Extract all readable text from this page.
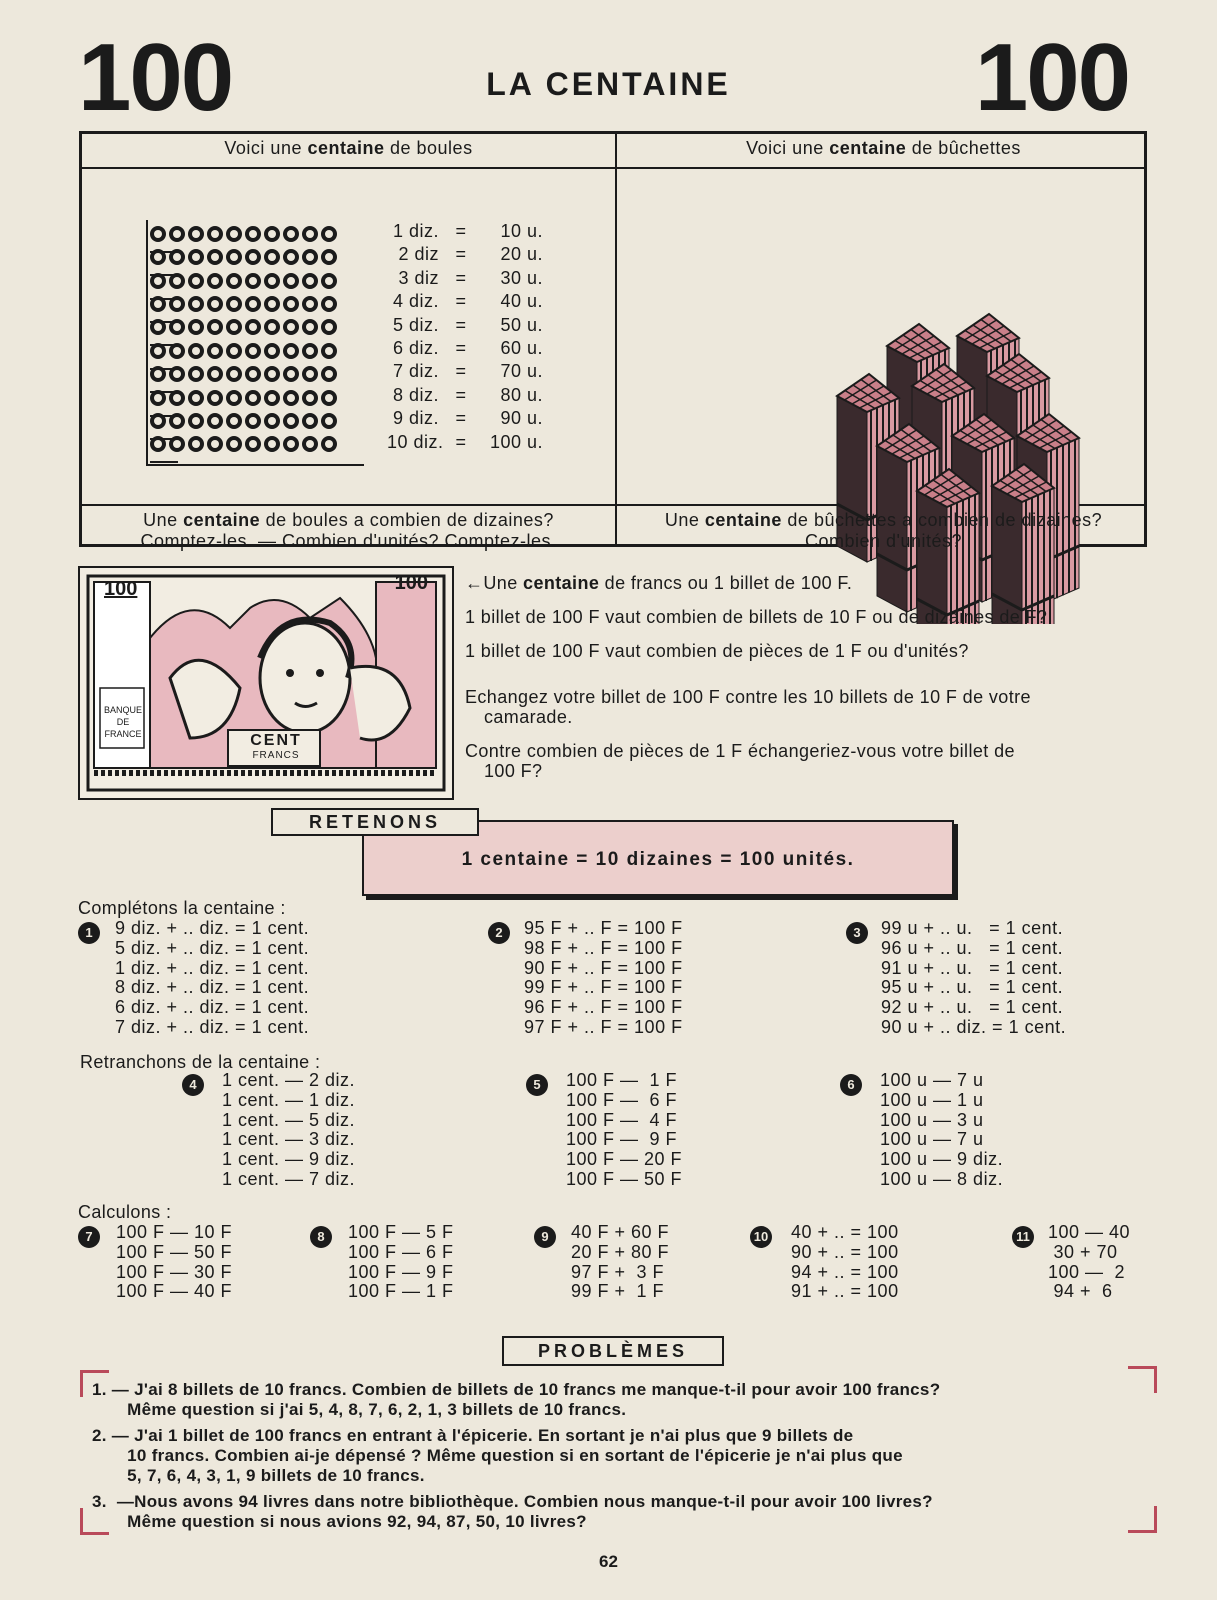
100	LA CENTAINE	100
Voici une centaine de boules	Voici une centaine de bûchettes
1 diz. = 10 u.
2 diz = 20 u.
3 diz = 30 u.
4 diz. = 40 u.
5 diz. = 50 u.
6 diz. = 60 u.
7 diz. = 70 u.
8 diz. = 80 u.
9 diz. = 90 u.
10 diz. = 100 u.
Une centaine de boules a combien de dizaines?
Comptez-les. — Combien d'unités? Comptez-les.
Une centaine de bûchettes a combien de dizaines?
Combien d'unités?
100	100
BANQUE
DE
FRANCE	CENT
FRANCS
←Une centaine de francs ou 1 billet de 100 F.
1 billet de 100 F vaut combien de billets de 10 F ou de dizaines de F?
1 billet de 100 F vaut combien de pièces de 1 F ou d'unités?
Echangez votre billet de 100 F contre les 10 billets de 10 F de votre
camarade.
Contre combien de pièces de 1 F échangeriez-vous votre billet de
100 F?
RETENONS
1 centaine = 10 dizaines = 100 unités.
Complétons la centaine :
Retranchons de la centaine :
Calculons :
1	9 diz. + .. diz. = 1 cent.
5 diz. + .. diz. = 1 cent.
1 diz. + .. diz. = 1 cent.
8 diz. + .. diz. = 1 cent.
6 diz. + .. diz. = 1 cent.
7 diz. + .. diz. = 1 cent.
2	95 F + .. F = 100 F
98 F + .. F = 100 F
90 F + .. F = 100 F
99 F + .. F = 100 F
96 F + .. F = 100 F
97 F + .. F = 100 F
3	99 u + .. u.   = 1 cent.
96 u + .. u.   = 1 cent.
91 u + .. u.   = 1 cent.
95 u + .. u.   = 1 cent.
92 u + .. u.   = 1 cent.
90 u + .. diz. = 1 cent.
4	1 cent. — 2 diz.
1 cent. — 1 diz.
1 cent. — 5 diz.
1 cent. — 3 diz.
1 cent. — 9 diz.
1 cent. — 7 diz.
5	100 F —  1 F
100 F —  6 F
100 F —  4 F
100 F —  9 F
100 F — 20 F
100 F — 50 F
6	100 u — 7 u
100 u — 1 u
100 u — 3 u
100 u — 7 u
100 u — 9 diz.
100 u — 8 diz.
7	100 F — 10 F
100 F — 50 F
100 F — 30 F
100 F — 40 F
8	100 F — 5 F
100 F — 6 F
100 F — 9 F
100 F — 1 F
9	40 F + 60 F
20 F + 80 F
97 F +  3 F
99 F +  1 F
10 40 + .. = 100
90 + .. = 100
94 + .. = 100
91 + .. = 100
11 100 — 40
30 + 70
100 —  2
94 +  6
PROBLÈMES
1. — J'ai 8 billets de 10 francs. Combien de billets de 10 francs me manque-t-il pour avoir 100 francs?
Même question si j'ai 5, 4, 8, 7, 6, 2, 1, 3 billets de 10 francs.
2. — J'ai 1 billet de 100 francs en entrant à l'épicerie. En sortant je n'ai plus que 9 billets de
10 francs. Combien ai-je dépensé ? Même question si en sortant de l'épicerie je n'ai plus que
5, 7, 6, 4, 3, 1, 9 billets de 10 francs.
3.  —Nous avons 94 livres dans notre bibliothèque. Combien nous manque-t-il pour avoir 100 livres?
Même question si nous avions 92, 94, 87, 50, 10 livres?
62
